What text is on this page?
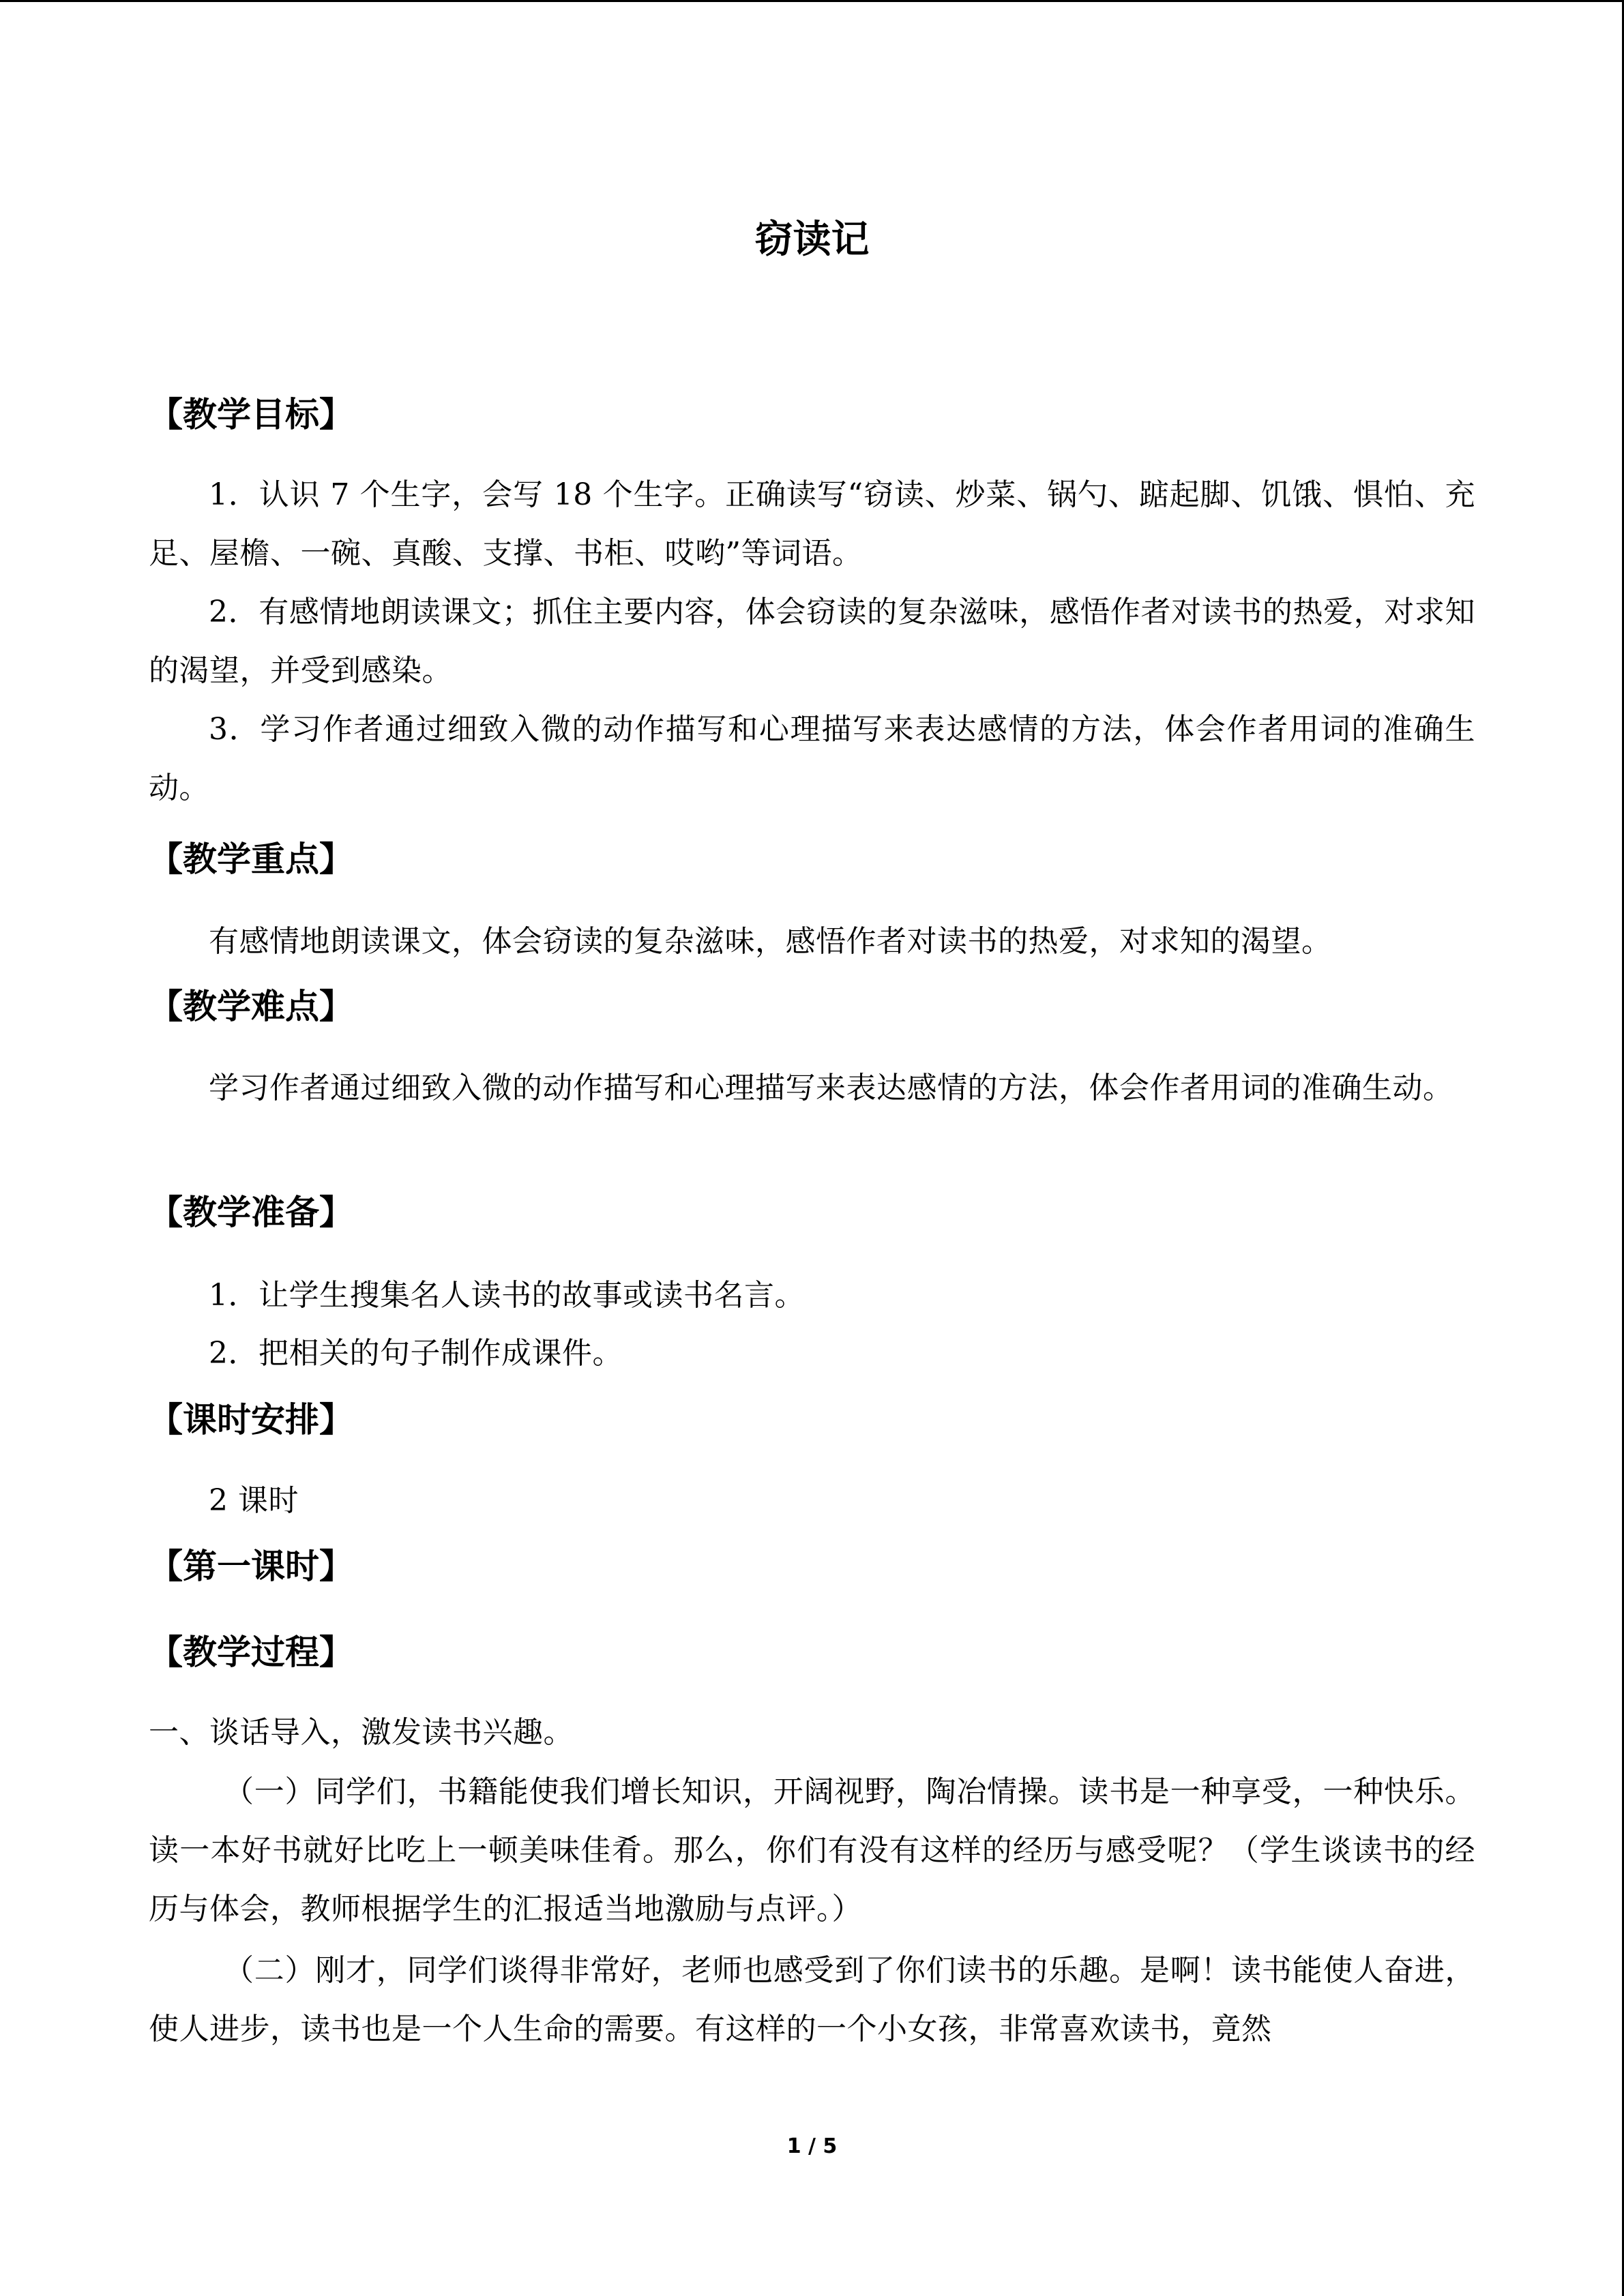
窃读记
【教学目标】
1．认识 7 个生字，会写 18 个生字。正确读写“窃读、炒菜、锅勺、踮起脚、饥饿、惧怕、充足、屋檐、一碗、真酸、支撑、书柜、哎哟”等词语。
2．有感情地朗读课文；抓住主要内容，体会窃读的复杂滋味，感悟作者对读书的热爱，对求知的渴望，并受到感染。
3．学习作者通过细致入微的动作描写和心理描写来表达感情的方法，体会作者用词的准确生动。
【教学重点】
有感情地朗读课文，体会窃读的复杂滋味，感悟作者对读书的热爱，对求知的渴望。
【教学难点】
学习作者通过细致入微的动作描写和心理描写来表达感情的方法，体会作者用词的准确生动。
【教学准备】
1．让学生搜集名人读书的故事或读书名言。
2．把相关的句子制作成课件。
【课时安排】
2 课时
【第一课时】
【教学过程】
一、谈话导入，激发读书兴趣。
（一）同学们，书籍能使我们增长知识，开阔视野，陶冶情操。读书是一种享受，一种快乐。读一本好书就好比吃上一顿美味佳肴。那么，你们有没有这样的经历与感受呢？（学生谈读书的经历与体会，教师根据学生的汇报适当地激励与点评。）
（二）刚才，同学们谈得非常好，老师也感受到了你们读书的乐趣。是啊！读书能使人奋进，使人进步，读书也是一个人生命的需要。有这样的一个小女孩，非常喜欢读书，竟然
1 / 5
